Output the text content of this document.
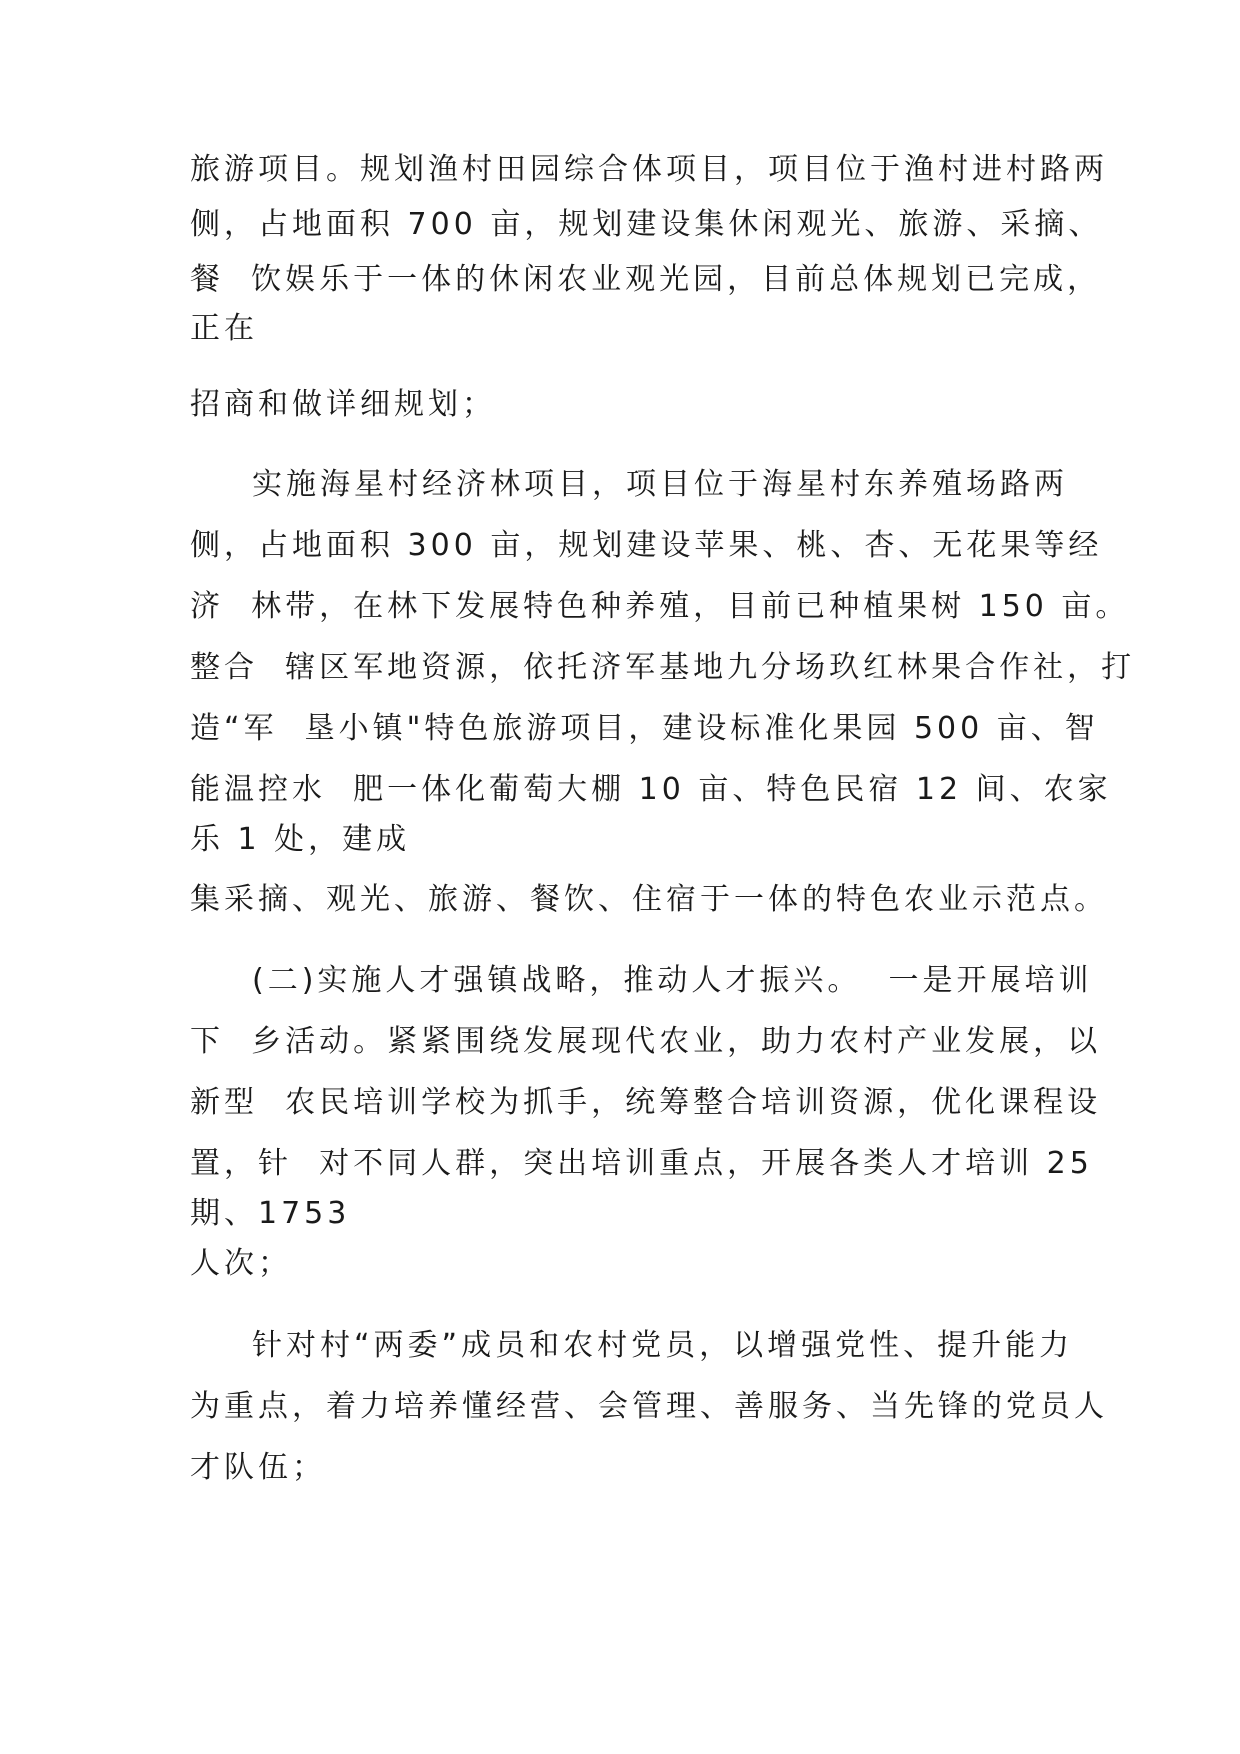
旅游项目。规划渔村田园综合体项目，项目位于渔村进村路两

侧，占地面积 700 亩，规划建设集休闲观光、旅游、采摘、

餐  饮娱乐于一体的休闲农业观光园，目前总体规划已完成，

正在

招商和做详细规划；

实施海星村经济林项目，项目位于海星村东养殖场路两

侧，占地面积 300 亩，规划建设苹果、桃、杏、无花果等经

济  林带，在林下发展特色种养殖，目前已种植果树 150 亩。

整合  辖区军地资源，依托济军基地九分场玖红林果合作社，打

造“军  垦小镇"特色旅游项目，建设标准化果园 500 亩、智

能温控水  肥一体化葡萄大棚 10 亩、特色民宿 12 间、农家

乐 1 处，建成

集采摘、观光、旅游、餐饮、住宿于一体的特色农业示范点。

(二)实施人才强镇战略，推动人才振兴。  一是开展培训

下  乡活动。紧紧围绕发展现代农业，助力农村产业发展，以

新型  农民培训学校为抓手，统筹整合培训资源，优化课程设

置，针  对不同人群，突出培训重点，开展各类人才培训 25

期、1753

人次；

针对村“两委”成员和农村党员，以增强党性、提升能力

为重点，着力培养懂经营、会管理、善服务、当先锋的党员人

才队伍；
